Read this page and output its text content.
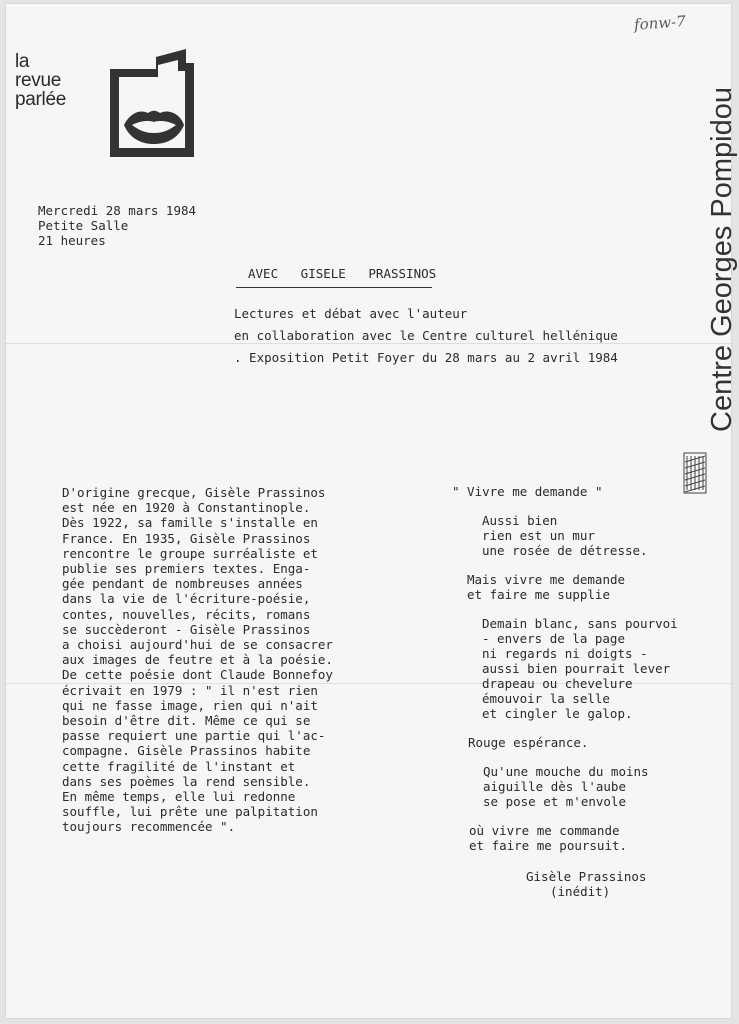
la
revue
parlée
fonw-7
Centre Georges Pompidou
Mercredi 28 mars 1984
Petite Salle
21 heures
AVEC   GISELE   PRASSINOS
Lectures et débat avec l'auteur
en collaboration avec le Centre culturel hellénique
. Exposition Petit Foyer du 28 mars au 2 avril 1984
D'origine grecque, Gisèle Prassinos
est née en 1920 à Constantinople.
Dès 1922, sa famille s'installe en
France. En 1935, Gisèle Prassinos
rencontre le groupe surréaliste et
publie ses premiers textes. Enga-
gée pendant de nombreuses années
dans la vie de l'écriture-poésie,
contes, nouvelles, récits, romans
se succèderont - Gisèle Prassinos
a choisi aujourd'hui de se consacrer
aux images de feutre et à la poésie.
De cette poésie dont Claude Bonnefoy
écrivait en 1979 : " il n'est rien
qui ne fasse image, rien qui n'ait
besoin d'être dit. Même ce qui se
passe requiert une partie qui l'ac-
compagne. Gisèle Prassinos habite
cette fragilité de l'instant et
dans ses poèmes la rend sensible.
En même temps, elle lui redonne
souffle, lui prête une palpitation
toujours recommencée ".
" Vivre me demande "
Aussi bien
rien est un mur
une rosée de détresse.
Mais vivre me demande
et faire me supplie
Demain blanc, sans pourvoi
- envers de la page
ni regards ni doigts -
aussi bien pourrait lever
drapeau ou chevelure
émouvoir la selle
et cingler le galop.
Rouge espérance.
Qu'une mouche du moins
aiguille dès l'aube
se pose et m'envole
où vivre me commande
et faire me poursuit.
Gisèle Prassinos
(inédit)
